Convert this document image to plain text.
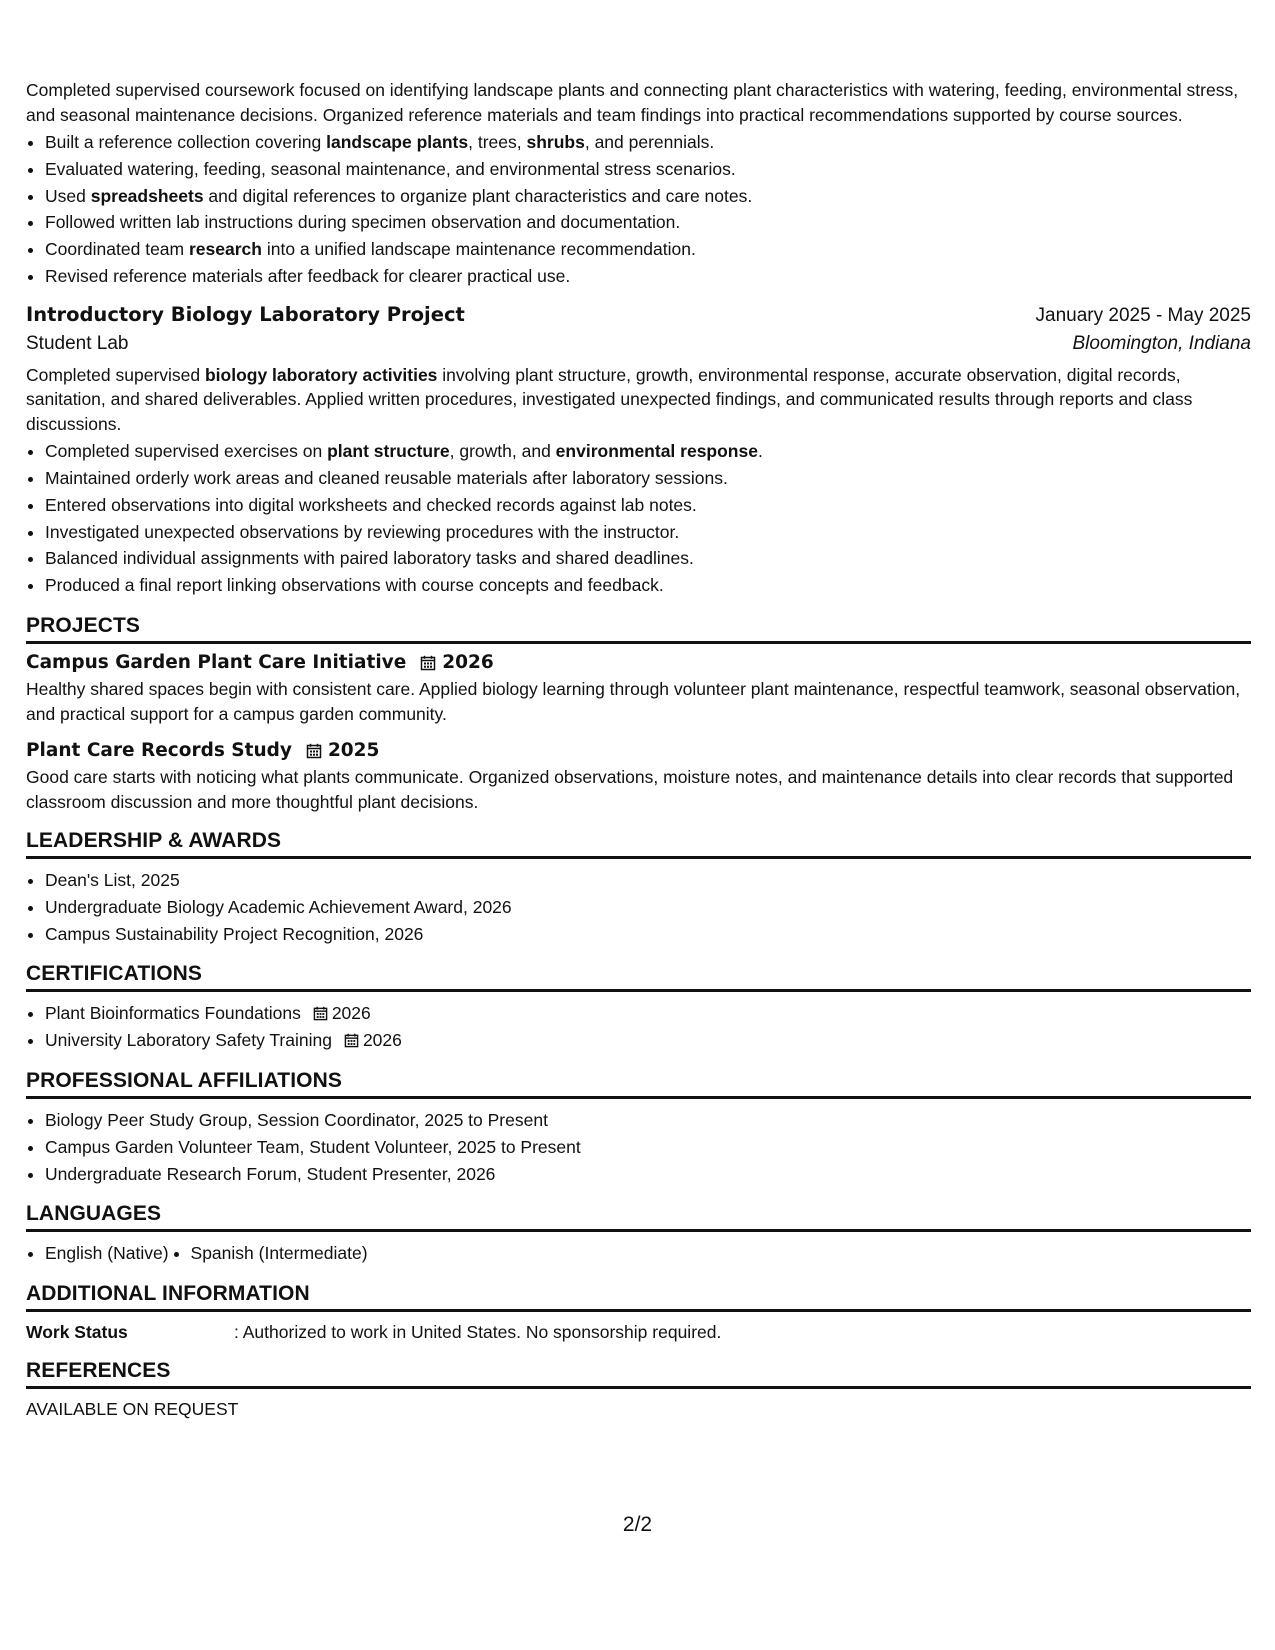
Completed supervised coursework focused on identifying landscape plants and connecting plant characteristics with watering, feeding, environmental stress, and seasonal maintenance decisions. Organized reference materials and team findings into practical recommendations supported by course sources.

• Built a reference collection covering landscape plants, trees, shrubs, and perennials.
• Evaluated watering, feeding, seasonal maintenance, and environmental stress scenarios.
• Used spreadsheets and digital references to organize plant characteristics and care notes.
• Followed written lab instructions during specimen observation and documentation.
• Coordinated team research into a unified landscape maintenance recommendation.
• Revised reference materials after feedback for clearer practical use.
Introductory Biology Laboratory Project	January 2025 - May 2025
Student Lab	Bloomington, Indiana

Completed supervised biology laboratory activities involving plant structure, growth, environmental response, accurate observation, digital records, sanitation, and shared deliverables. Applied written procedures, investigated unexpected findings, and communicated results through reports and class discussions.

• Completed supervised exercises on plant structure, growth, and environmental response.
• Maintained orderly work areas and cleaned reusable materials after laboratory sessions.
• Entered observations into digital worksheets and checked records against lab notes.
• Investigated unexpected observations by reviewing procedures with the instructor.
• Balanced individual assignments with paired laboratory tasks and shared deadlines.
• Produced a final report linking observations with course concepts and feedback.
PROJECTS
Campus Garden Plant Care Initiative 2026

Healthy shared spaces begin with consistent care. Applied biology learning through volunteer plant maintenance, respectful teamwork, seasonal observation, and practical support for a campus garden community.

Plant Care Records Study 2025

Good care starts with noticing what plants communicate. Organized observations, moisture notes, and maintenance details into clear records that supported classroom discussion and more thoughtful plant decisions.

LEADERSHIP & AWARDS
• Dean's List, 2025
• Undergraduate Biology Academic Achievement Award, 2026
• Campus Sustainability Project Recognition, 2026
CERTIFICATIONS
• Plant Bioinformatics Foundations 2026
• University Laboratory Safety Training 2026
PROFESSIONAL AFFILIATIONS
• Biology Peer Study Group, Session Coordinator, 2025 to Present
• Campus Garden Volunteer Team, Student Volunteer, 2025 to Present
• Undergraduate Research Forum, Student Presenter, 2026
LANGUAGES
• English (Native)
• Spanish (Intermediate)
ADDITIONAL INFORMATION
Work Status	: Authorized to work in United States. No sponsorship required.
REFERENCES

AVAILABLE ON REQUEST

2/2
